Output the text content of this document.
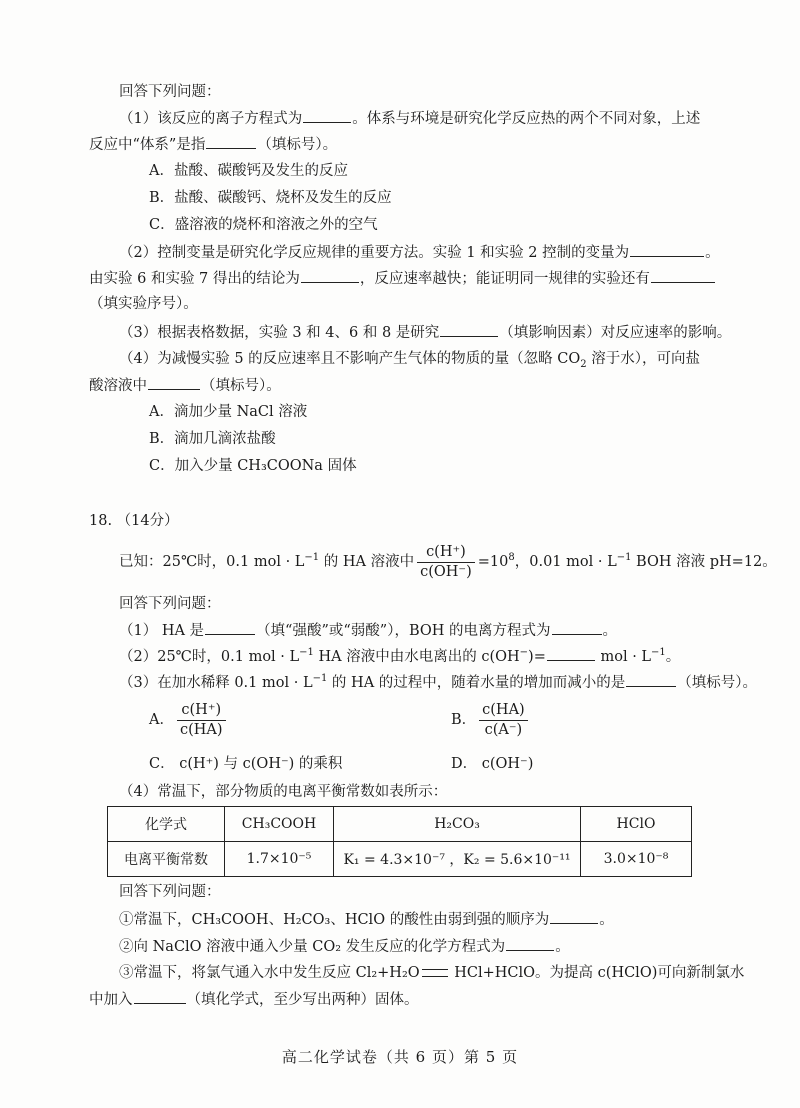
回答下列问题：
（1）该反应的离子方程式为	。体系与环境是研究化学反应热的两个不同对象，上述
反应中“体系”是指	（填标号）。
A．盐酸、碳酸钙及发生的反应
B．盐酸、碳酸钙、烧杯及发生的反应
C．盛溶液的烧杯和溶液之外的空气
（2）控制变量是研究化学反应规律的重要方法。实验 1 和实验 2 控制的变量为	。
由实验 6 和实验 7 得出的结论为	，反应速率越快；能证明同一规律的实验还有
（填实验序号）。
（3）根据表格数据，实验 3 和 4、6 和 8 是研究	（填影响因素）对反应速率的影响。
（4）为减慢实验 5 的反应速率且不影响产生气体的物质的量（忽略 $CO_2$ 溶于水），可向盐
酸溶液中	（填标号）。
A．滴加少量 NaCl 溶液
B．滴加几滴浓盐酸
C．加入少量 CH₃COONa 固体
18. （14分）
已知：25℃时，0.1 mol · $L^{-1}$ 的 HA 溶液中 $\frac{c(H^+)}{c(OH^-)} =10^8$，0.01 mol · $L^{-1}$ BOH 溶液 pH=12。
回答下列问题：
（1） HA 是	（填“强酸”或“弱酸”），BOH 的电离方程式为	。
（2）25℃时，0.1 mol · $L^{-1}$ HA 溶液中由水电离出的 c(OH−)=	mol · $L^{-1}$。
（3）在加水稀释 0.1 mol · $L^{-1}$ 的 HA 的过程中，随着水量的增加而减小的是	（填标号）。
A． $\frac{c(H^+)}{c(HA)}$	B． $\frac{c(HA)}{c(A^-)}$
C． c(H⁺) 与 c(OH⁻) 的乘积	D． c(OH⁻)
（4）常温下，部分物质的电离平衡常数如表所示：
化学式	CH₃COOH	H₂CO₃	HClO
电离平衡常数	1.7×10⁻⁵	K₁ = 4.3×10⁻⁷ ，K₂ = 5.6×10⁻¹¹	3.0×10⁻⁸
回答下列问题：
①常温下，CH₃COOH、H₂CO₃、HClO 的酸性由弱到强的顺序为	。
②向 NaClO 溶液中通入少量 CO₂ 发生反应的化学方程式为	。
③常温下，将氯气通入水中发生反应 Cl₂+H₂O HCl+HClO。为提高 c(HClO)可向新制氯水
中加入	（填化学式，至少写出两种）固体。
高二化学试卷（共 6 页）第 5 页
